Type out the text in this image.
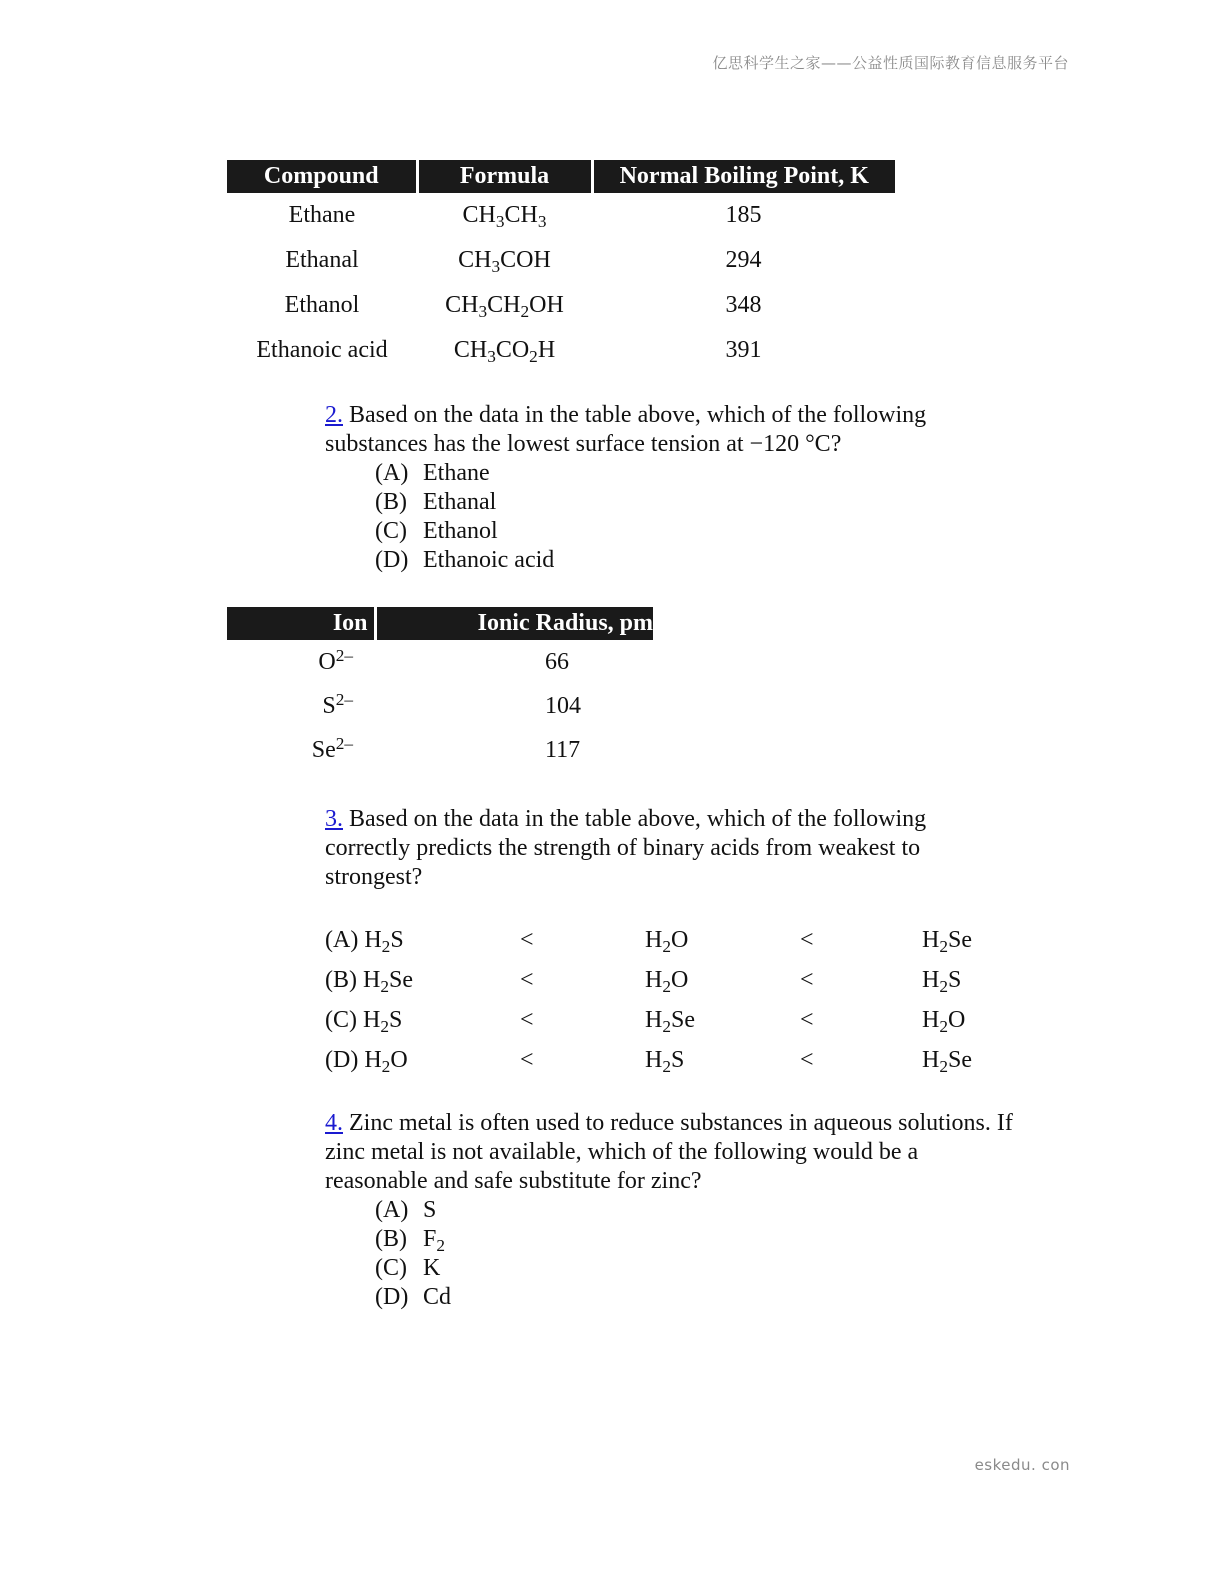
亿思科学生之家——公益性质国际教育信息服务平台
Compound	Formula	Normal Boiling Point, K
Ethane	$CH_3CH_3$	185
Ethanal	$CH_3COH$	294
Ethanol	$CH_3CH_2OH$	348
Ethanoic acid	$CH_3CO_2H$	391
2. Based on the data in the table above, which of the following substances has the lowest surface tension at −120 °C?
(A) Ethane
(B) Ethanal
(C) Ethanol
(D) Ethanoic acid
Ion	Ionic Radius, pm
$O^{2-}$	66
$S^{2-}$	104
$Se^{2-}$	117
3. Based on the data in the table above, which of the following correctly predicts the strength of binary acids from weakest to strongest?
(A) $H_2S$	<	$H_2O$	<	$H_2Se$
(B) $H_2Se$	<	$H_2O$	<	$H_2S$
(C) $H_2S$	<	$H_2Se$	<	$H_2O$
(D) $H_2O$	<	$H_2S$	<	$H_2Se$
4. Zinc metal is often used to reduce substances in aqueous solutions. If zinc metal is not available, which of the following would be a reasonable and safe substitute for zinc?
(A) S
(B) $F_2$
(C) K
(D) Cd
eskedu. con
